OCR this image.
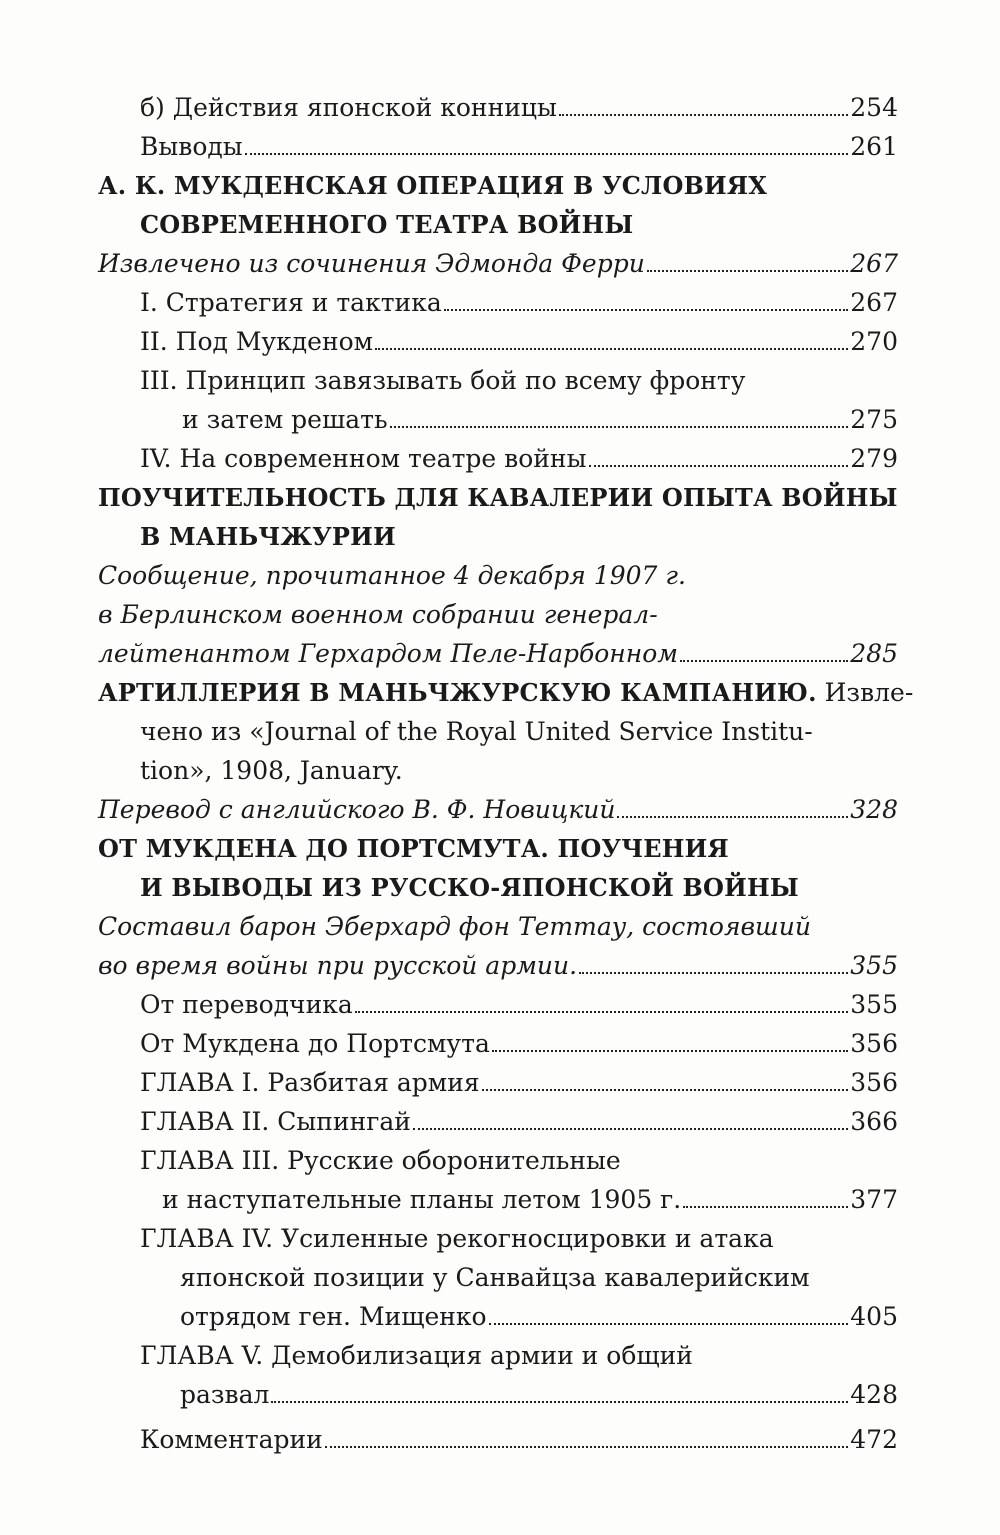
б) Действия японской конницы	254
Выводы	261
А. К. МУКДЕНСКАЯ ОПЕРАЦИЯ В УСЛОВИЯХ
СОВРЕМЕННОГО ТЕАТРА ВОЙНЫ
Извлечено из сочинения Эдмонда Ферри	267
I. Стратегия и тактика	267
II. Под Мукденом	270
III. Принцип завязывать бой по всему фронту
и затем решать	275
IV. На современном театре войны	279
ПОУЧИТЕЛЬНОСТЬ ДЛЯ КАВАЛЕРИИ ОПЫТА ВОЙНЫ
В МАНЬЧЖУРИИ
Сообщение, прочитанное 4 декабря 1907 г.
в Берлинском военном собрании генерал-
лейтенантом Герхардом Пеле-Нарбонном	285
АРТИЛЛЕРИЯ В МАНЬЧЖУРСКУЮ КАМПАНИЮ. Извле-
чено из «Journal of the Royal United Service Institu-
tion», 1908, January.
Перевод с английского В. Ф. Новицкий	328
ОТ МУКДЕНА ДО ПОРТСМУТА. ПОУЧЕНИЯ
И ВЫВОДЫ ИЗ РУССКО-ЯПОНСКОЙ ВОЙНЫ
Составил барон Эберхард фон Теттау, состоявший
во время войны при русской армии.	355
От переводчика	355
От Мукдена до Портсмута	356
ГЛАВА I. Разбитая армия	356
ГЛАВА II. Сыпингай	366
ГЛАВА III. Русские оборонительные
и наступательные планы летом 1905 г.	377
ГЛАВА IV. Усиленные рекогносцировки и атака
японской позиции у Санвайцза кавалерийским
отрядом ген. Мищенко	405
ГЛАВА V. Демобилизация армии и общий
развал	428
Комментарии	472
